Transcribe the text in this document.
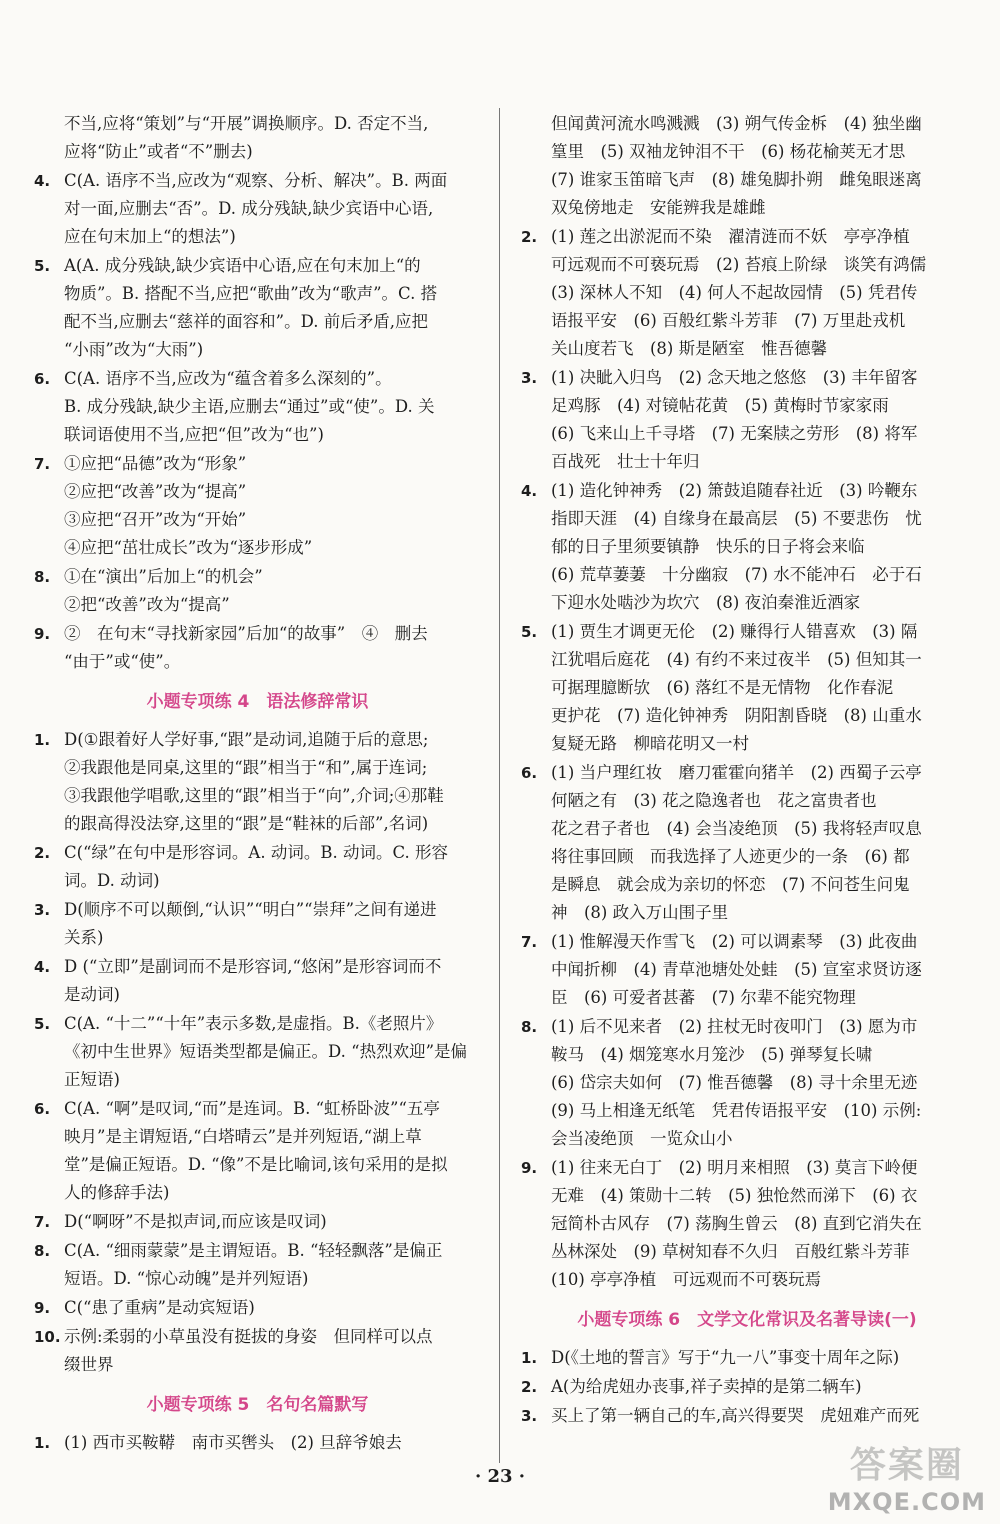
不当,应将“策划”与“开展”调换顺序。D. 否定不当,
应将“防止”或者“不”删去)
4. C(A. 语序不当,应改为“观察、分析、解决”。B. 两面
对一面,应删去“否”。D. 成分残缺,缺少宾语中心语,
应在句末加上“的想法”)
5. A(A. 成分残缺,缺少宾语中心语,应在句末加上“的
物质”。B. 搭配不当,应把“歌曲”改为“歌声”。C. 搭
配不当,应删去“慈祥的面容和”。D. 前后矛盾,应把
“小雨”改为“大雨”)
6. C(A. 语序不当,应改为“蕴含着多么深刻的”。
B. 成分残缺,缺少主语,应删去“通过”或“使”。D. 关
联词语使用不当,应把“但”改为“也”)
7. ①应把“品德”改为“形象”
②应把“改善”改为“提高”
③应把“召开”改为“开始”
④应把“茁壮成长”改为“逐步形成”
8. ①在“演出”后加上“的机会”
②把“改善”改为“提高”
9. ②　在句末“寻找新家园”后加“的故事”　④　删去
“由于”或“使”。
小题专项练 4　语法修辞常识
1. D(①跟着好人学好事,“跟”是动词,追随于后的意思;
②我跟他是同桌,这里的“跟”相当于“和”,属于连词;
③我跟他学唱歌,这里的“跟”相当于“向”,介词;④那鞋
的跟高得没法穿,这里的“跟”是“鞋袜的后部”,名词)
2. C(“绿”在句中是形容词。A. 动词。B. 动词。C. 形容
词。D. 动词)
3. D(顺序不可以颠倒,“认识”“明白”“崇拜”之间有递进
关系)
4. D (“立即”是副词而不是形容词,“悠闲”是形容词而不
是动词)
5. C(A. “十二”“十年”表示多数,是虚指。B.《老照片》
《初中生世界》短语类型都是偏正。D. “热烈欢迎”是偏
正短语)
6. C(A. “啊”是叹词,“而”是连词。B. “虹桥卧波”“五亭
映月”是主谓短语,“白塔晴云”是并列短语,“湖上草
堂”是偏正短语。D. “像”不是比喻词,该句采用的是拟
人的修辞手法)
7. D(“啊呀”不是拟声词,而应该是叹词)
8. C(A. “细雨蒙蒙”是主谓短语。B. “轻轻飘落”是偏正
短语。D. “惊心动魄”是并列短语)
9. C(“患了重病”是动宾短语)
10. 示例:柔弱的小草虽没有挺拔的身姿　但同样可以点
缀世界
小题专项练 5　名句名篇默写
1. (1) 西市买鞍鞯　南市买辔头　(2) 旦辞爷娘去
但闻黄河流水鸣溅溅　(3) 朔气传金柝　(4) 独坐幽
篁里　(5) 双袖龙钟泪不干　(6) 杨花榆荚无才思
(7) 谁家玉笛暗飞声　(8) 雄兔脚扑朔　雌兔眼迷离
双兔傍地走　安能辨我是雄雌
2. (1) 莲之出淤泥而不染　濯清涟而不妖　亭亭净植
可远观而不可亵玩焉　(2) 苔痕上阶绿　谈笑有鸿儒
(3) 深林人不知　(4) 何人不起故园情　(5) 凭君传
语报平安　(6) 百般红紫斗芳菲　(7) 万里赴戎机
关山度若飞　(8) 斯是陋室　惟吾德馨
3. (1) 决眦入归鸟　(2) 念天地之悠悠　(3) 丰年留客
足鸡豚　(4) 对镜帖花黄　(5) 黄梅时节家家雨
(6) 飞来山上千寻塔　(7) 无案牍之劳形　(8) 将军
百战死　壮士十年归
4. (1) 造化钟神秀　(2) 箫鼓追随春社近　(3) 吟鞭东
指即天涯　(4) 自缘身在最高层　(5) 不要悲伤　忧
郁的日子里须要镇静　快乐的日子将会来临
(6) 荒草萋萋　十分幽寂　(7) 水不能冲石　必于石
下迎水处啮沙为坎穴　(8) 夜泊秦淮近酒家
5. (1) 贾生才调更无伦　(2) 赚得行人错喜欢　(3) 隔
江犹唱后庭花　(4) 有约不来过夜半　(5) 但知其一
可据理臆断欤　(6) 落红不是无情物　化作春泥
更护花　(7) 造化钟神秀　阴阳割昏晓　(8) 山重水
复疑无路　柳暗花明又一村
6. (1) 当户理红妆　磨刀霍霍向猪羊　(2) 西蜀子云亭
何陋之有　(3) 花之隐逸者也　花之富贵者也
花之君子者也　(4) 会当凌绝顶　(5) 我将轻声叹息
将往事回顾　而我选择了人迹更少的一条　(6) 都
是瞬息　就会成为亲切的怀恋　(7) 不问苍生问鬼
神　(8) 政入万山围子里
7. (1) 惟解漫天作雪飞　(2) 可以调素琴　(3) 此夜曲
中闻折柳　(4) 青草池塘处处蛙　(5) 宣室求贤访逐
臣　(6) 可爱者甚蕃　(7) 尔辈不能究物理
8. (1) 后不见来者　(2) 拄杖无时夜叩门　(3) 愿为市
鞍马　(4) 烟笼寒水月笼沙　(5) 弹琴复长啸
(6) 岱宗夫如何　(7) 惟吾德馨　(8) 寻十余里无迹
(9) 马上相逢无纸笔　凭君传语报平安　(10) 示例:
会当凌绝顶　一览众山小
9. (1) 往来无白丁　(2) 明月来相照　(3) 莫言下岭便
无难　(4) 策勋十二转　(5) 独怆然而涕下　(6) 衣
冠简朴古风存　(7) 荡胸生曾云　(8) 直到它消失在
丛林深处　(9) 草树知春不久归　百般红紫斗芳菲
(10) 亭亭净植　可远观而不可亵玩焉
小题专项练 6　文学文化常识及名著导读(一)
1. D(《土地的誓言》写于“九一八”事变十周年之际)
2. A(为给虎妞办丧事,祥子卖掉的是第二辆车)
3. 买上了第一辆自己的车,高兴得要哭　虎妞难产而死
· 23 ·	答案圈
MXQE.COM
